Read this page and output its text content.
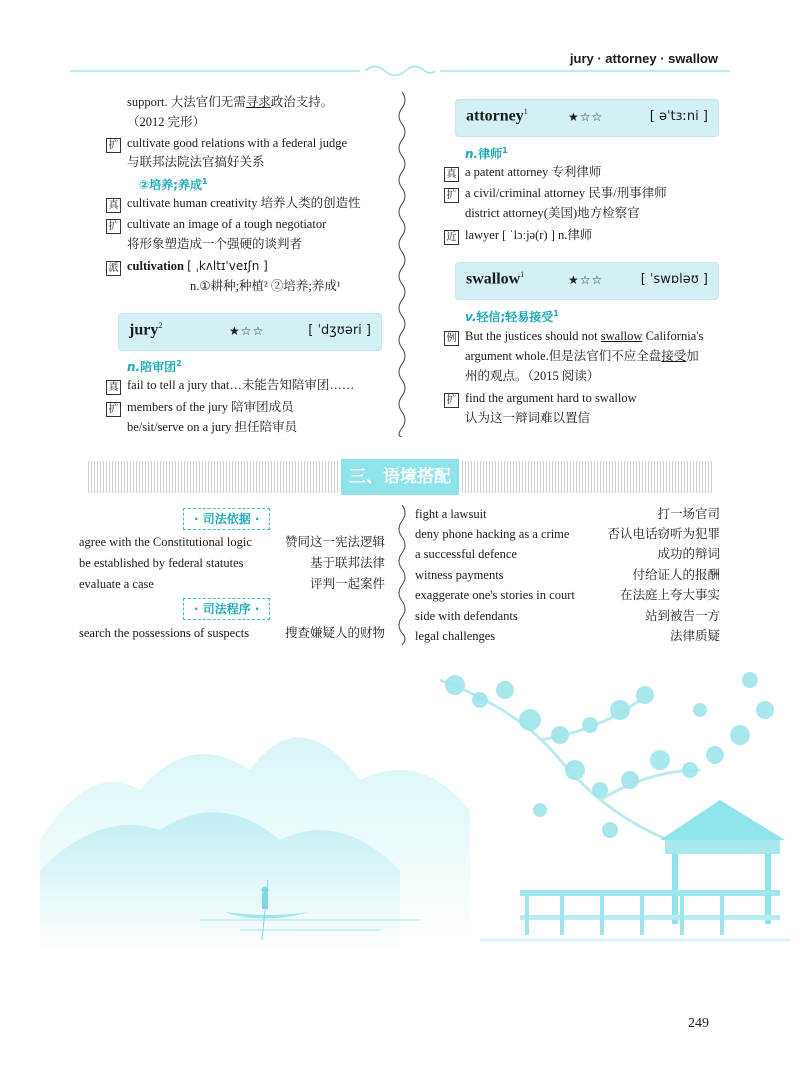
jury · attorney · swallow
support. 大法官们无需寻求政治支持。
（2012 完形）
扩 cultivate good relations with a federal judge
与联邦法院法官搞好关系
②培养;养成$^1$
真 cultivate human creativity 培养人类的创造性
扩 cultivate an image of a tough negotiator
将形象塑造成一个强硬的谈判者
派 cultivation [ ˌkʌltɪˈveɪʃn ]
n.①耕种;种植² ②培养;养成¹
jury$^2$	★☆☆	[ ˈdʒʊəri ]
n.陪审团$^2$
真 fail to tell a jury that…未能告知陪审团……
扩 members of the jury 陪审团成员
be/sit/serve on a jury 担任陪审员
attorney$^1$	★☆☆	[ əˈtɜːni ]
n.律师$^1$
真 a patent attorney 专利律师
扩 a civil/criminal attorney 民事/刑事律师
district attorney(美国)地方检察官
近 lawyer [ ˈlɔːjə(r) ] n.律师
swallow$^1$	★☆☆	[ ˈswɒləʊ ]
v.轻信;轻易接受$^1$
例 But the justices should not swallow California's
argument whole.但是法官们不应全盘接受加
州的观点。（2015 阅读）
扩 find the argument hard to swallow
认为这一辩词难以置信
三、语境搭配
· 司法依据 ·
agree with the Constitutional logic	赞同这一宪法逻辑
be established by federal statutes	基于联邦法律
evaluate a case	评判一起案件
· 司法程序 ·
search the possessions of suspects	搜查嫌疑人的财物
fight a lawsuit	打一场官司
deny phone hacking as a crime	否认电话窃听为犯罪
a successful defence	成功的辩词
witness payments	付给证人的报酬
exaggerate one's stories in court	在法庭上夸大事实
side with defendants	站到被告一方
legal challenges	法律质疑
249
